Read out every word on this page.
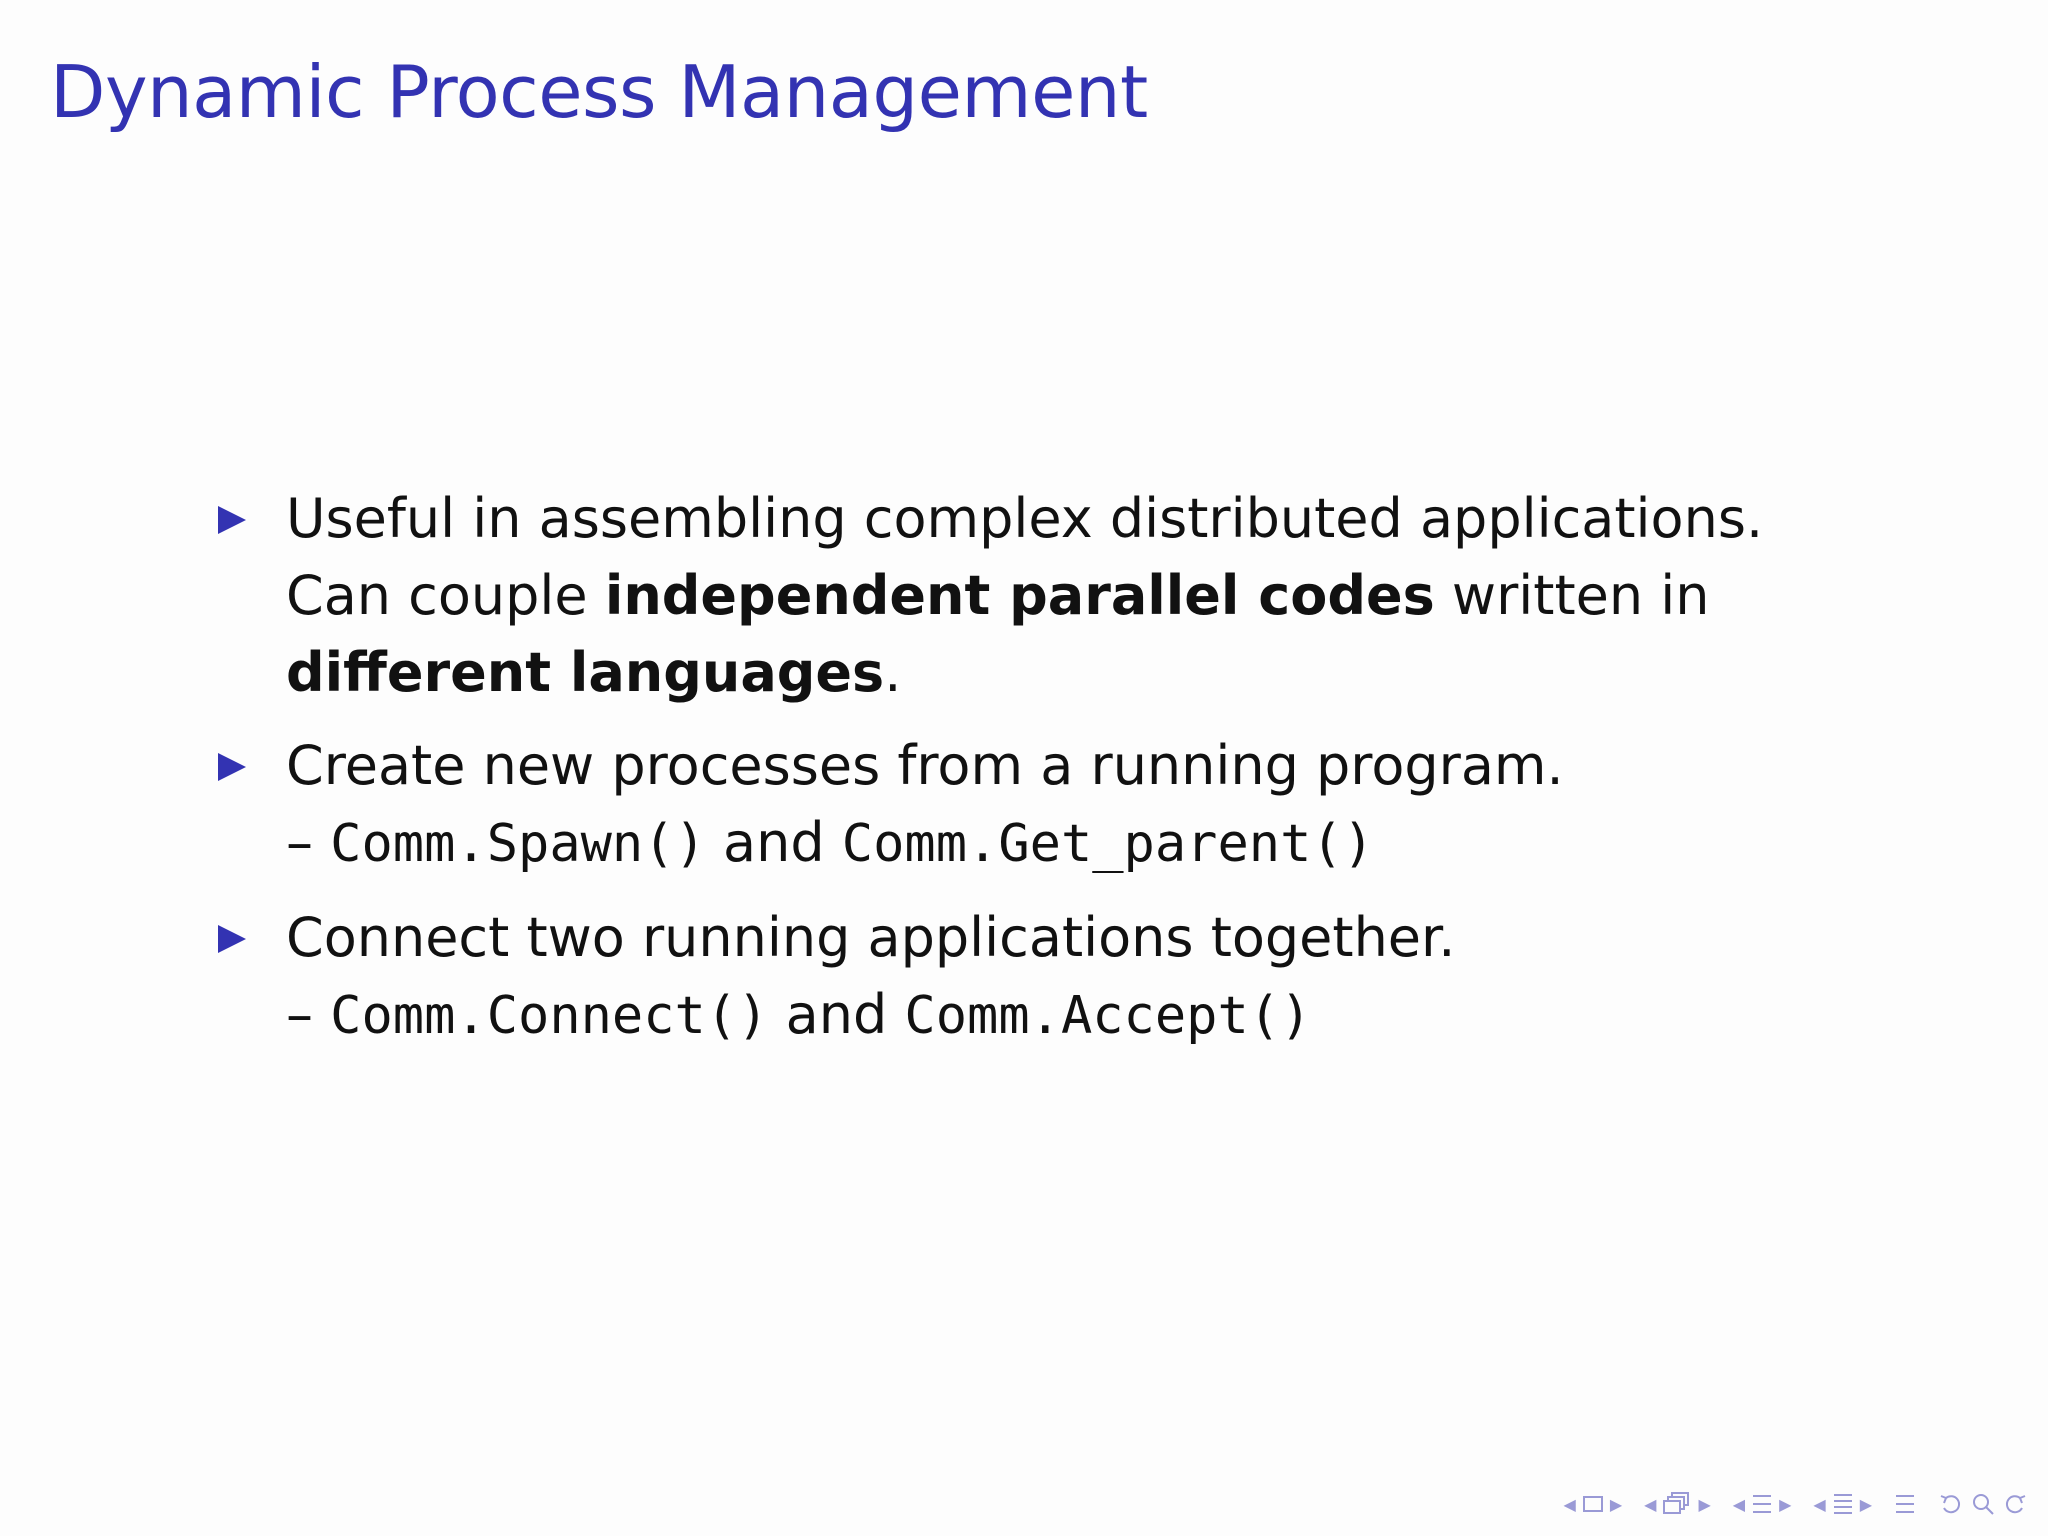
Dynamic Process Management
Useful in assembling complex distributed applications. Can couple independent parallel codes written in different languages.
Create new processes from a running program.
– Comm.Spawn() and Comm.Get_parent()
Connect two running applications together.
– Comm.Connect() and Comm.Accept()
◀ ▶ ◀	▶ ◀ ▶ ◀ ▶
